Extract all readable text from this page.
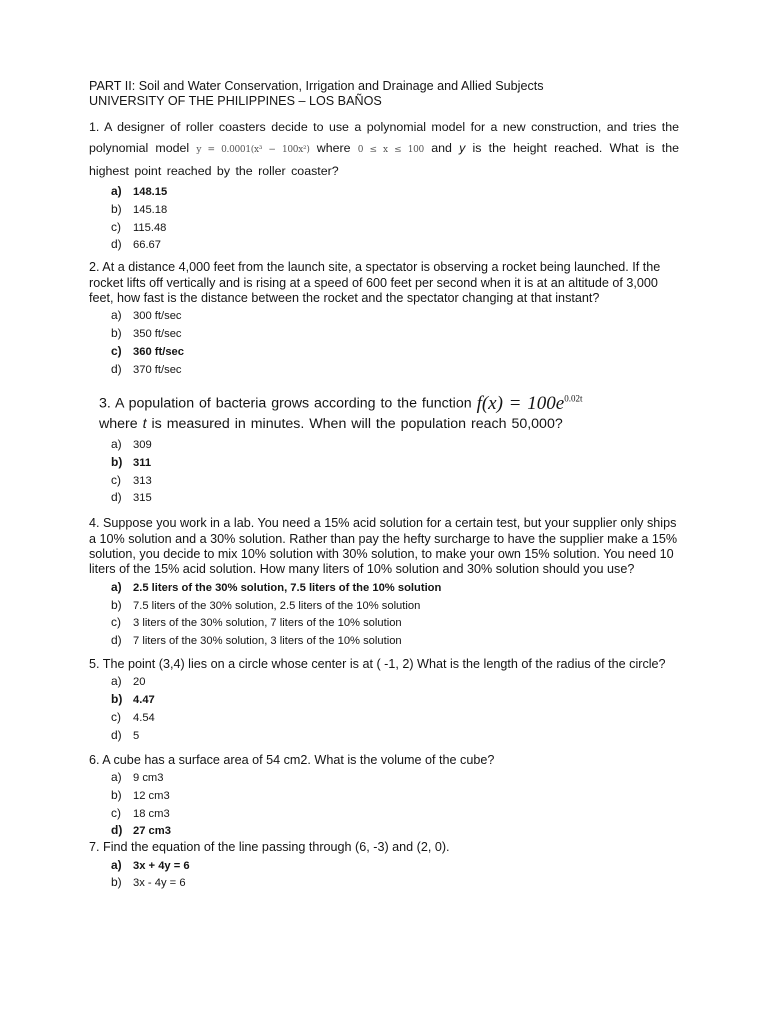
PART II: Soil and Water Conservation, Irrigation and Drainage and Allied Subjects

UNIVERSITY OF THE PHILIPPINES – LOS BAÑOS

1. A designer of roller coasters decide to use a polynomial model for a new construction, and tries the polynomial model y = 0.0001(x³ − 100x²) where 0 ≤ x ≤ 100 and y is the height reached. What is the highest point reached by the roller coaster?

a) 148.15
b) 145.18
c) 115.48
d) 66.67

2. At a distance 4,000 feet from the launch site, a spectator is observing a rocket being launched. If the rocket lifts off vertically and is rising at a speed of 600 feet per second when it is at an altitude of 3,000 feet, how fast is the distance between the rocket and the spectator changing at that instant?

a) 300 ft/sec
b) 350 ft/sec
c) 360 ft/sec
d) 370 ft/sec

3. A population of bacteria grows according to the function $f(x) = 100e^{0.02t}$
where t is measured in minutes. When will the population reach 50,000?

a) 309
b) 311
c) 313
d) 315

4. Suppose you work in a lab. You need a 15% acid solution for a certain test, but your supplier only ships a 10% solution and a 30% solution. Rather than pay the hefty surcharge to have the supplier make a 15% solution, you decide to mix 10% solution with 30% solution, to make your own 15% solution. You need 10 liters of the 15% acid solution. How many liters of 10% solution and 30% solution should you use?

a) 2.5 liters of the 30% solution, 7.5 liters of the 10% solution
b) 7.5 liters of the 30% solution, 2.5 liters of the 10% solution
c) 3 liters of the 30% solution, 7 liters of the 10% solution
d) 7 liters of the 30% solution, 3 liters of the 10% solution

5. The point (3,4) lies on a circle whose center is at ( -1, 2) What is the length of the radius of the circle?

a) 20
b) 4.47
c) 4.54
d) 5

6. A cube has a surface area of 54 cm2. What is the volume of the cube?

a) 9 cm3
b) 12 cm3
c) 18 cm3
d) 27 cm3

7. Find the equation of the line passing through (6, -3) and (2, 0).

a) 3x + 4y = 6
b) 3x - 4y = 6
